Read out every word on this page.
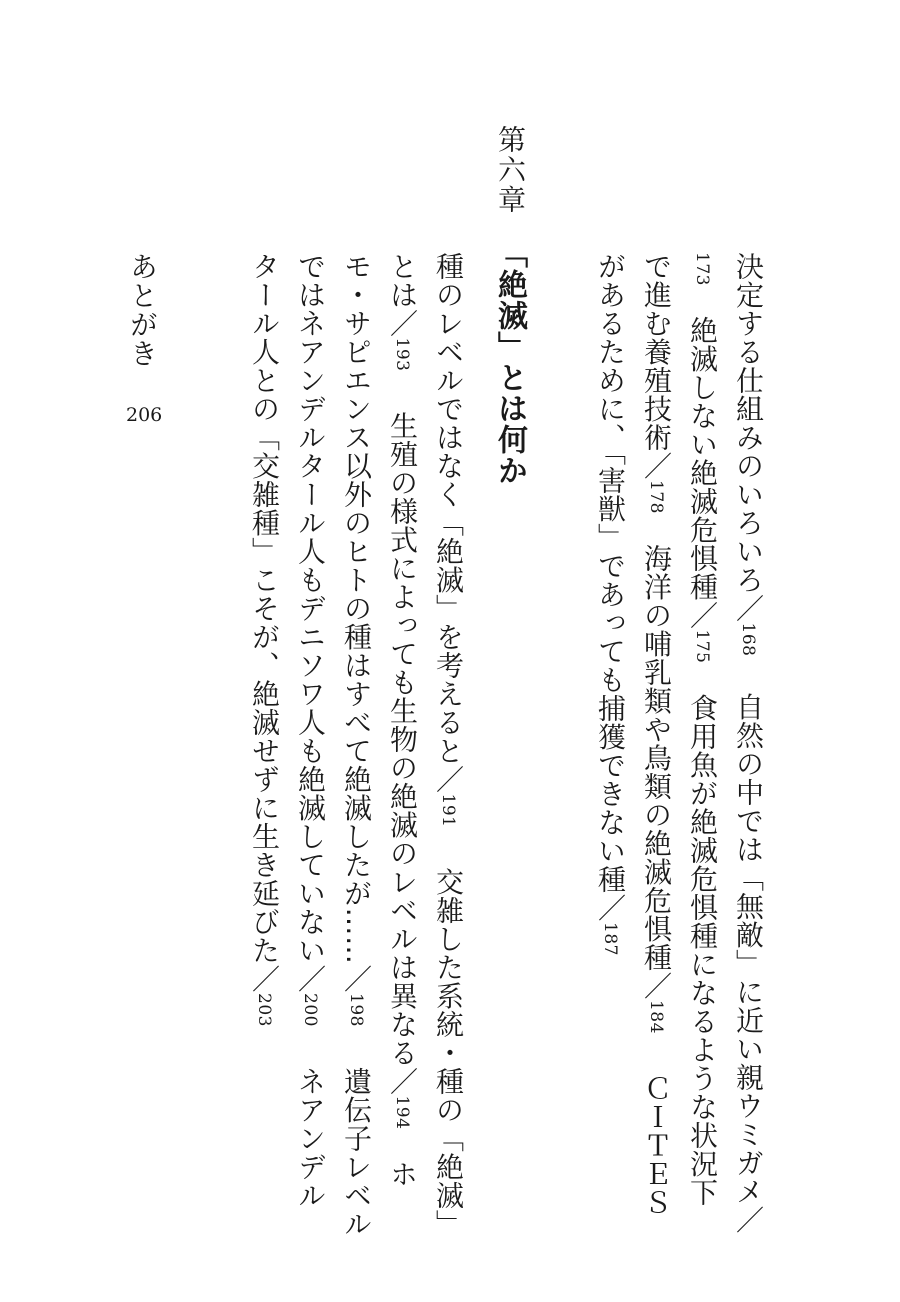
決定する仕組みのいろいろ／168自然の中では「無敵」に近い親ウミガメ／
173絶滅しない絶滅危惧種／175食用魚が絶滅危惧種になるような状況下
で進む養殖技術／178海洋の哺乳類や鳥類の絶滅危惧種／184ＣＩＴＥＳ
があるために、「害獣」であっても捕獲できない種／187
第六章
「絶滅」とは何か
種のレベルではなく「絶滅」を考えると／191交雑した系統・種の「絶滅」
とは／193生殖の様式によっても生物の絶滅のレベルは異なる／194ホ
モ・サピエンス以外のヒトの種はすべて絶滅したが……／198遺伝子レベル
ではネアンデルタール人もデニソワ人も絶滅していない／200ネアンデル
タール人との「交雑種」こそが、絶滅せずに生き延びた／203
あとがき
206
